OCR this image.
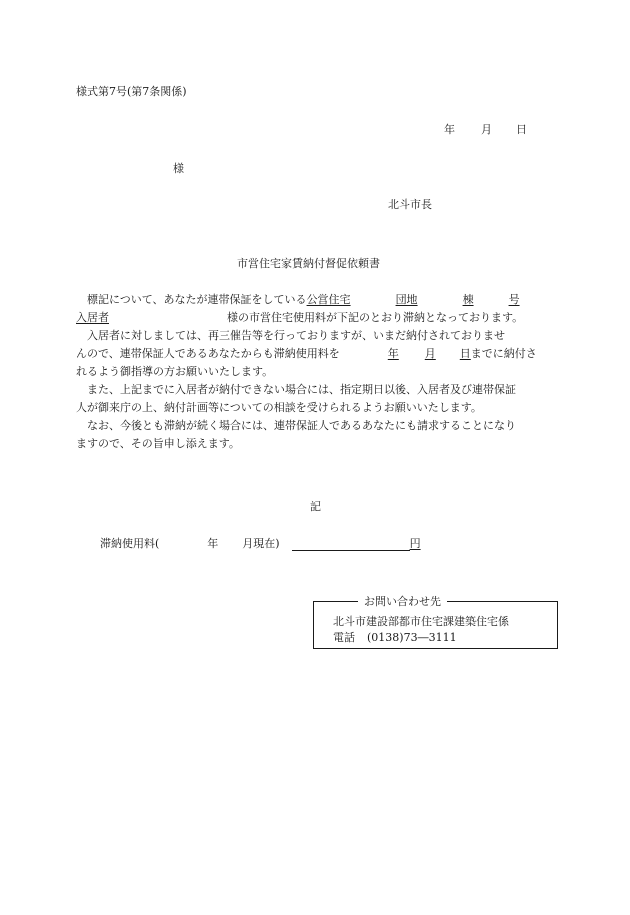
様式第7号(第7条関係)
年 月 日
様
北斗市長
市営住宅家賃納付督促依頼書

　標記について、あなたが連帯保証をしている公営住宅	団地	棟	号

入居者	様の市営住宅使用料が下記のとおり滞納となっております。

　入居者に対しましては、再三催告等を行っておりますが、いまだ納付されておりませ

んので、連帯保証人であるあなたからも滞納使用料を	年 月 日までに納付さ

れるよう御指導の方お願いいたします。

　また、上記までに入居者が納付できない場合には、指定期日以後、入居者及び連帯保証

人が御来庁の上、納付計画等についての相談を受けられるようお願いいたします。

　なお、今後とも滞納が続く場合には、連帯保証人であるあなたにも請求することになり

ますので、その旨申し添えます。

記
滞納使用料(	年 月現在)	円
お問い合わせ先
北斗市建設部都市住宅課建築住宅係
電話 (0138)73―3111
